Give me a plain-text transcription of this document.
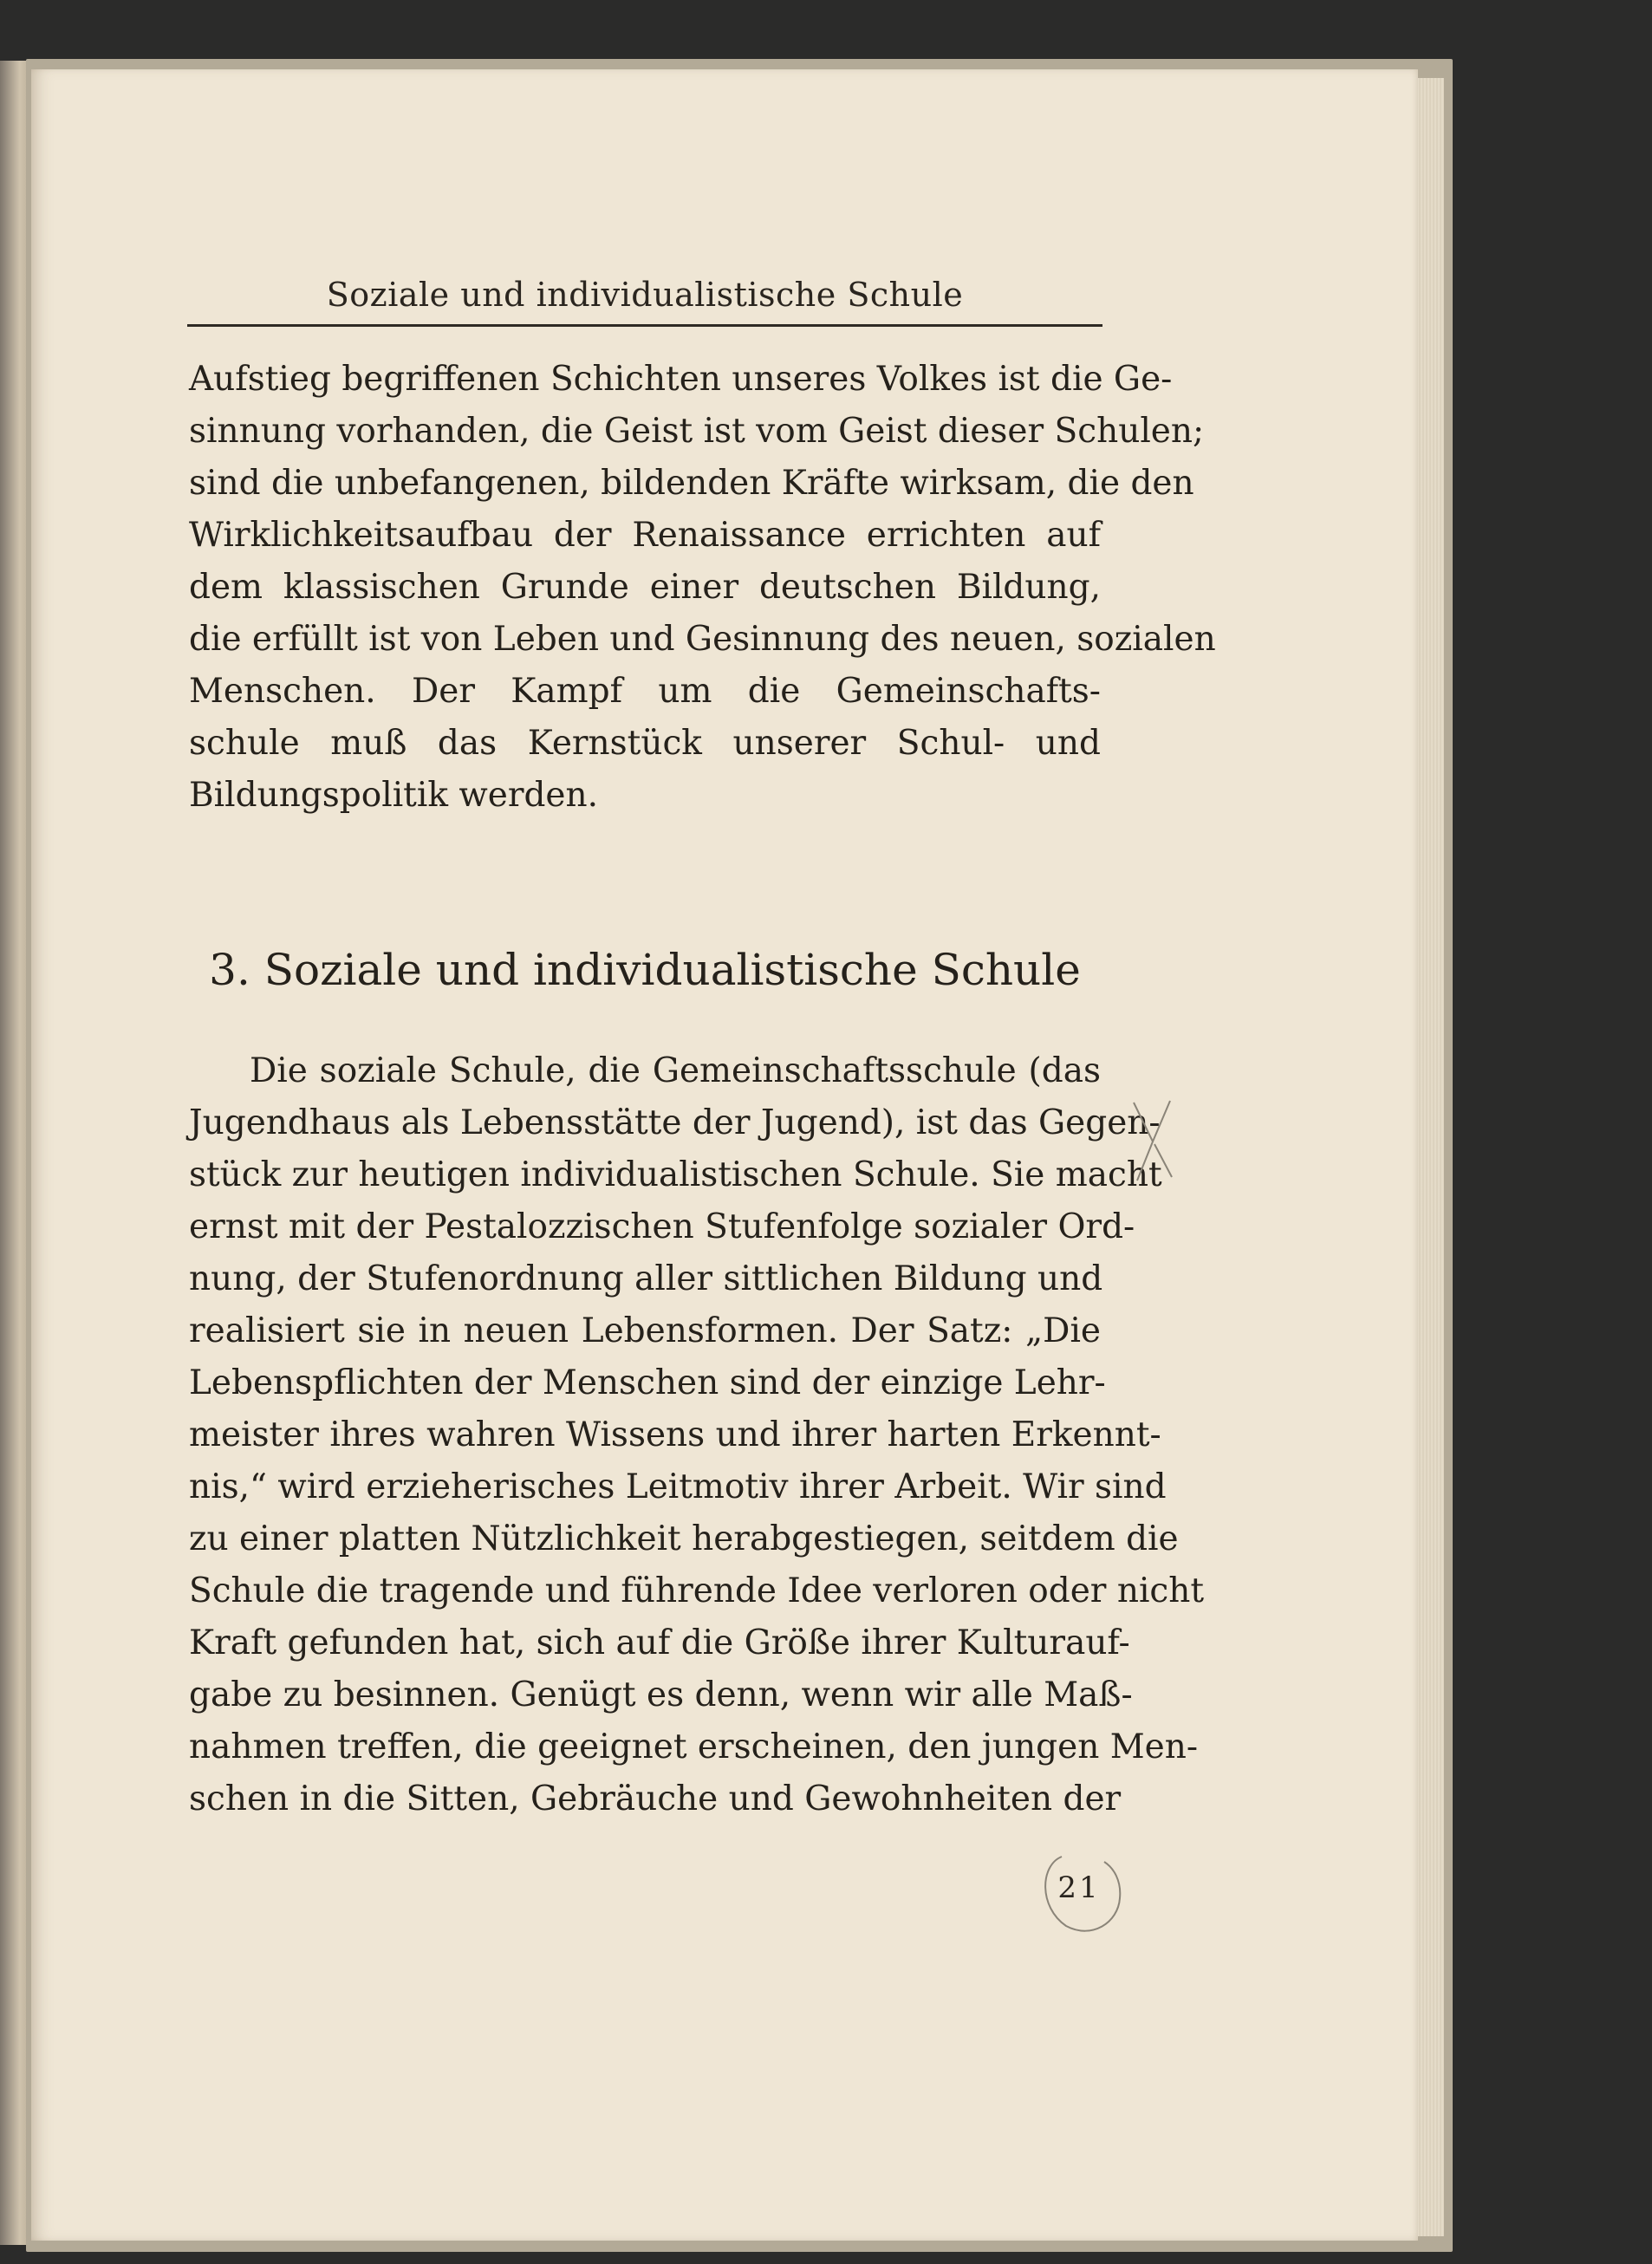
Soziale und individualistische Schule
Aufstieg begriffenen Schichten unseres Volkes ist die Ge-
sinnung vorhanden, die Geist ist vom Geist dieser Schulen;
sind die unbefangenen, bildenden Kräfte wirksam, die den
Wirklichkeitsaufbau der Renaissance errichten auf
dem klassischen Grunde einer deutschen Bildung,
die erfüllt ist von Leben und Gesinnung des neuen, sozialen
Menschen. Der Kampf um die Gemeinschafts-
schule muß das Kernstück unserer Schul- und
Bildungspolitik werden.
3. Soziale und individualistische Schule
Die soziale Schule, die Gemeinschaftsschule (das
Jugendhaus als Lebensstätte der Jugend), ist das Gegen-
stück zur heutigen individualistischen Schule. Sie macht
ernst mit der Pestalozzischen Stufenfolge sozialer Ord-
nung, der Stufenordnung aller sittlichen Bildung und
realisiert sie in neuen Lebensformen. Der Satz: „Die
Lebenspflichten der Menschen sind der einzige Lehr-
meister ihres wahren Wissens und ihrer harten Erkennt-
nis,“ wird erzieherisches Leitmotiv ihrer Arbeit. Wir sind
zu einer platten Nützlichkeit herabgestiegen, seitdem die
Schule die tragende und führende Idee verloren oder nicht
Kraft gefunden hat, sich auf die Größe ihrer Kulturauf-
gabe zu besinnen. Genügt es denn, wenn wir alle Maß-
nahmen treffen, die geeignet erscheinen, den jungen Men-
schen in die Sitten, Gebräuche und Gewohnheiten der
21
